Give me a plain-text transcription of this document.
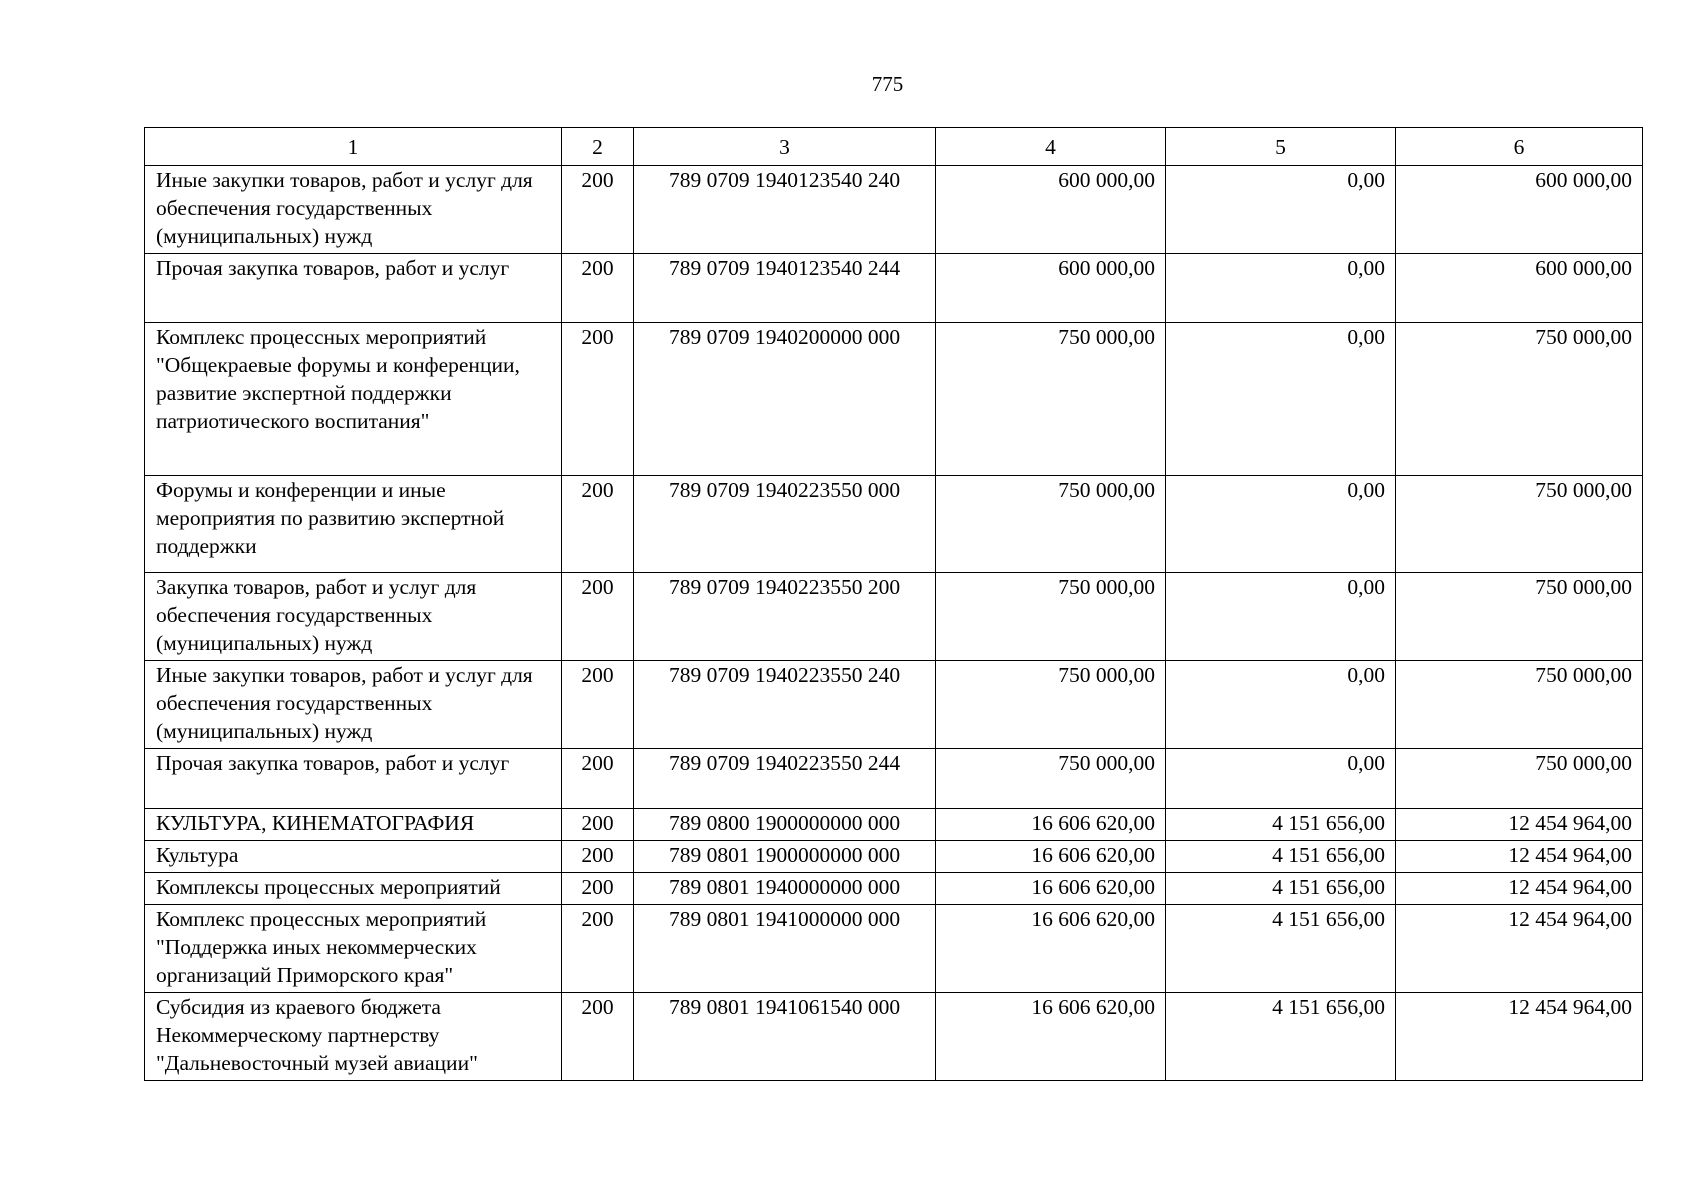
775
1	2	3	4	5	6
Иные закупки товаров, работ и услуг для обеспечения государственных (муниципальных) нужд	200	789 0709 1940123540 240	600 000,00	0,00	600 000,00
Прочая закупка товаров, работ и услуг	200	789 0709 1940123540 244	600 000,00	0,00	600 000,00
Комплекс процессных мероприятий "Общекраевые форумы и конференции, развитие экспертной поддержки патриотического воспитания"	200	789 0709 1940200000 000	750 000,00	0,00	750 000,00
Форумы и конференции и иные мероприятия по развитию экспертной поддержки	200	789 0709 1940223550 000	750 000,00	0,00	750 000,00
Закупка товаров, работ и услуг для обеспечения государственных (муниципальных) нужд	200	789 0709 1940223550 200	750 000,00	0,00	750 000,00
Иные закупки товаров, работ и услуг для обеспечения государственных (муниципальных) нужд	200	789 0709 1940223550 240	750 000,00	0,00	750 000,00
Прочая закупка товаров, работ и услуг	200	789 0709 1940223550 244	750 000,00	0,00	750 000,00
КУЛЬТУРА, КИНЕМАТОГРАФИЯ	200	789 0800 1900000000 000	16 606 620,00	4 151 656,00	12 454 964,00
Культура	200	789 0801 1900000000 000	16 606 620,00	4 151 656,00	12 454 964,00
Комплексы процессных мероприятий	200	789 0801 1940000000 000	16 606 620,00	4 151 656,00	12 454 964,00
Комплекс процессных мероприятий "Поддержка иных некоммерческих организаций Приморского края"	200	789 0801 1941000000 000	16 606 620,00	4 151 656,00	12 454 964,00
Субсидия из краевого бюджета Некоммерческому партнерству "Дальневосточный музей авиации"	200	789 0801 1941061540 000	16 606 620,00	4 151 656,00	12 454 964,00
